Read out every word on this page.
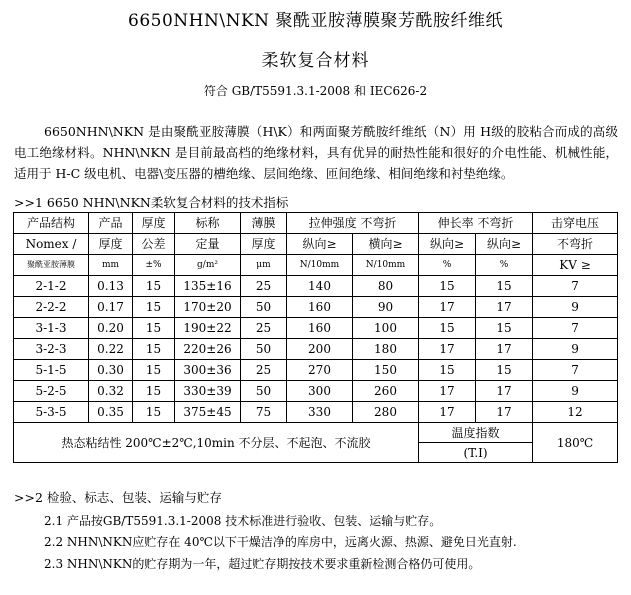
6650NHN\NKN 聚酰亚胺薄膜聚芳酰胺纤维纸
柔软复合材料
符合 GB/T5591.3.1-2008 和 IEC626-2
6650NHN\NKN 是由聚酰亚胺薄膜（H\K）和两面聚芳酰胺纤维纸（N）用 H级的胶粘合而成的高级电工绝缘材料。NHN\NKN 是目前最高档的绝缘材料，具有优异的耐热性能和很好的介电性能、机械性能，适用于 H-C 级电机、电器\变压器的槽绝缘、层间绝缘、匝间绝缘、相间绝缘和衬垫绝缘。
>>1 6650 NHN\NKN柔软复合材料的技术指标
产品结构	产品	厚度	标称	薄膜	拉伸强度 不弯折		伸长率 不弯折		击穿电压
Nomex /	厚度	公差	定量	厚度	纵向≥	横向≥	纵向≥	纵向≥	不弯折
聚酰亚胺薄膜	mm	±%	g/m²	μm	N/10mm	N/10mm	%	%	KV ≥
2-1-2	0.13	15	135±16	25	140	80	15	15	7
2-2-2	0.17	15	170±20	50	160	90	17	17	9
3-1-3	0.20	15	190±22	25	160	100	15	15	7
3-2-3	0.22	15	220±26	50	200	180	17	17	9
5-1-5	0.30	15	300±36	25	270	150	15	15	7
5-2-5	0.32	15	330±39	50	300	260	17	17	9
5-3-5	0.35	15	375±45	75	330	280	17	17	12
热态粘结性 200℃±2℃,10min 不分层、不起泡、不流胶							温度指数		180℃
							(T.I)		
>>2 检验、标志、包装、运输与贮存
2.1 产品按GB/T5591.3.1-2008 技术标准进行验收、包装、运输与贮存。
2.2 NHN\NKN应贮存在 40℃以下干燥洁净的库房中，远离火源、热源、避免日光直射.
2.3 NHN\NKN的贮存期为一年，超过贮存期按技术要求重新检测合格仍可使用。
